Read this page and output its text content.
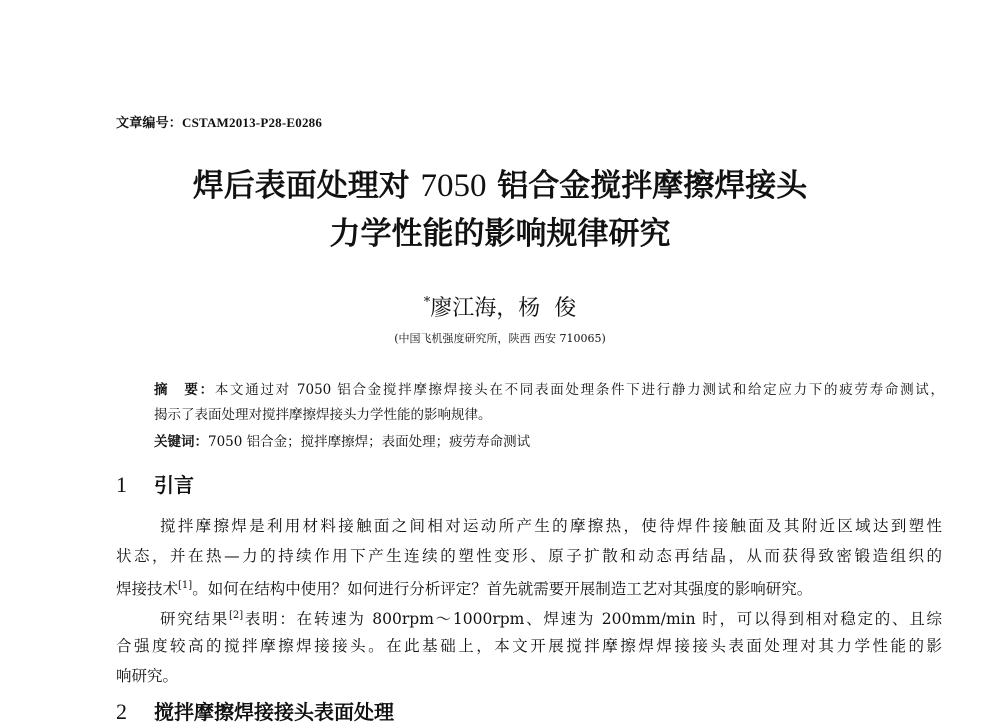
文章编号：CSTAM2013-P28-E0286
焊后表面处理对 7050 铝合金搅拌摩擦焊接头
力学性能的影响规律研究
*廖江海，杨 俊
(中国飞机强度研究所，陕西 西安 710065)

摘　要：本文通过对 7050 铝合金搅拌摩擦焊接头在不同表面处理条件下进行静力测试和给定应力下的疲劳寿命测试，

揭示了表面处理对搅拌摩擦焊接头力学性能的影响规律。

关键词：7050 铝合金；搅拌摩擦焊；表面处理；疲劳寿命测试
1 引言
搅拌摩擦焊是利用材料接触面之间相对运动所产生的摩擦热，使待焊件接触面及其附近区域达到塑性
状态，并在热—力的持续作用下产生连续的塑性变形、原子扩散和动态再结晶，从而获得致密锻造组织的
焊接技术[1]。如何在结构中使用？如何进行分析评定？首先就需要开展制造工艺对其强度的影响研究。
研究结果[2]表明：在转速为 800rpm～1000rpm、焊速为 200mm/min 时，可以得到相对稳定的、且综
合强度较高的搅拌摩擦焊接接头。在此基础上，本文开展搅拌摩擦焊焊接接头表面处理对其力学性能的影
响研究。
2 搅拌摩擦焊接接头表面处理
